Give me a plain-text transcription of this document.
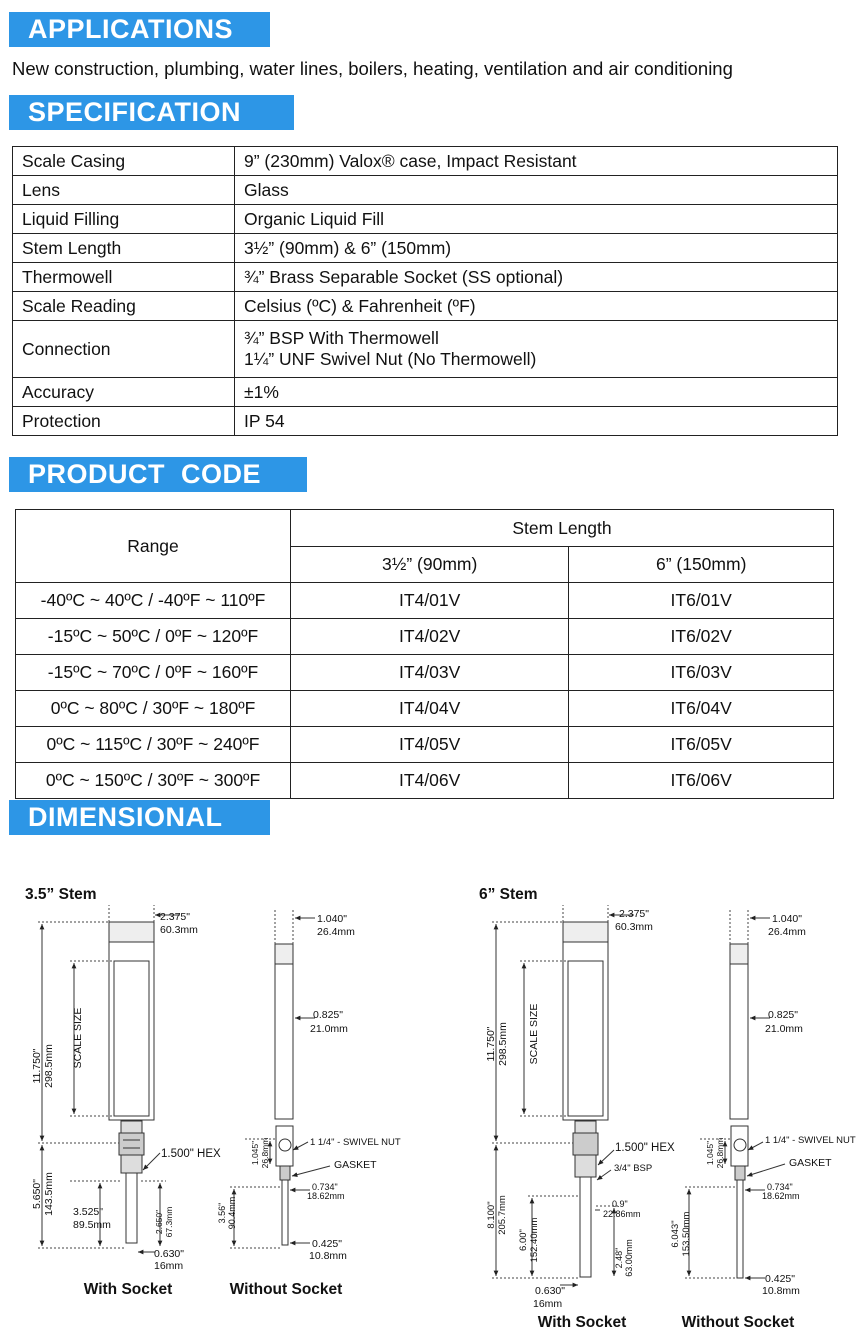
APPLICATIONS
New construction, plumbing, water lines, boilers, heating, ventilation and air conditioning
SPECIFICATION
Scale Casing	9” (230mm) Valox® case, Impact Resistant
Lens	Glass
Liquid Filling	Organic Liquid Fill
Stem Length	3½” (90mm) & 6” (150mm)
Thermowell	¾” Brass Separable Socket (SS optional)
Scale Reading	Celsius (ºC) & Fahrenheit (ºF)
Connection	¾” BSP With Thermowell
1¼” UNF Swivel Nut (No Thermowell)

Accuracy	±1%
Protection	IP 54
PRODUCT  CODE
Range	Stem Length	
	3½” (90mm)	6” (150mm)
-40ºC ~ 40ºC / -40ºF ~ 110ºF	IT4/01V	IT6/01V
-15ºC ~ 50ºC / 0ºF ~ 120ºF	IT4/02V	IT6/02V
-15ºC ~ 70ºC / 0ºF ~ 160ºF	IT4/03V	IT6/03V
0ºC ~ 80ºC / 30ºF ~ 180ºF	IT4/04V	IT6/04V
0ºC ~ 115ºC / 30ºF ~ 240ºF	IT4/05V	IT6/05V
0ºC ~ 150ºC / 30ºF ~ 300ºF	IT4/06V	IT6/06V
DIMENSIONAL
3.5” Stem
2.375"
60.3mm
11.750" 298.5mm SCALE SIZE
1.500" HEX
5.650" 143.5mm 3.525"
89.5mm	2.650" 67.3mm
0.630"
16mm
With Socket
1.040"
26.4mm
0.825"
21.0mm
1 1/4" - SWIVEL NUT
GASKET
1.045" 26.8mm
0.734"
18.62mm
3.56" 90.4mm
0.425"
10.8mm
Without Socket
6” Stem
2.375"
60.3mm
11.750" 298.5mm SCALE SIZE
1.500" HEX
3/4" BSP
8.100" 205.7mm
6.00" 152.40mm
0.9"
22.86mm
2.48" 63.00mm
0.630"
16mm
With Socket
1.040"
26.4mm
0.825"
21.0mm
1 1/4" - SWIVEL NUT
GASKET
1.045" 26.8mm
0.734"
18.62mm
6.043" 153.50mm
0.425"
10.8mm
Without Socket
